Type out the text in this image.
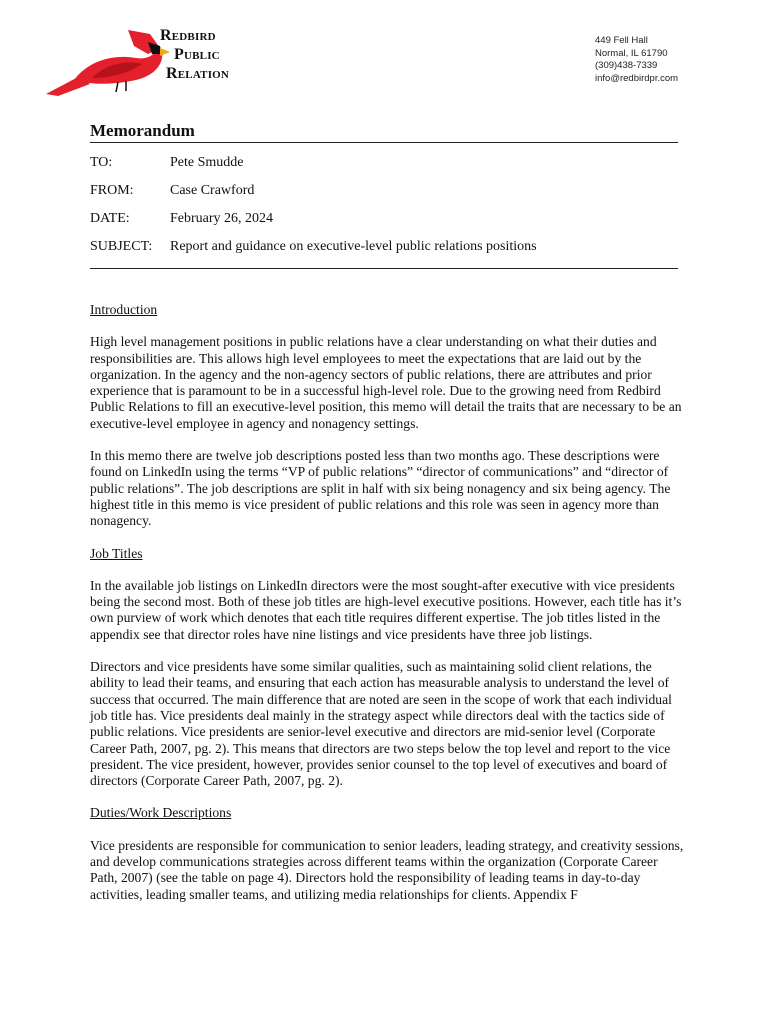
Redbird
Public
Relation
449 Fell Hall
Normal, IL 61790
(309)438-7339
info@redbirdpr.com
Memorandum
TO:	Pete Smudde
FROM:	Case Crawford
DATE:	February 26, 2024
SUBJECT: Report and guidance on executive-level public relations positions
Introduction

High level management positions in public relations have a clear understanding on what their duties and responsibilities are. This allows high level employees to meet the expectations that are laid out by the organization. In the agency and the non-agency sectors of public relations, there are attributes and prior experience that is paramount to be in a successful high-level role. Due to the growing need from Redbird Public Relations to fill an executive-level position, this memo will detail the traits that are necessary to be an executive-level employee in agency and nonagency settings.

In this memo there are twelve job descriptions posted less than two months ago. These descriptions were found on LinkedIn using the terms “VP of public relations” “director of communications” and “director of public relations”. The job descriptions are split in half with six being nonagency and six being agency. The highest title in this memo is vice president of public relations and this role was seen in agency more than nonagency.

Job Titles

In the available job listings on LinkedIn directors were the most sought-after executive with vice presidents being the second most. Both of these job titles are high-level executive positions. However, each title has it’s own purview of work which denotes that each title requires different expertise. The job titles listed in the appendix see that director roles have nine listings and vice presidents have three job listings.

Directors and vice presidents have some similar qualities, such as maintaining solid client relations, the ability to lead their teams, and ensuring that each action has measurable analysis to understand the level of success that occurred. The main difference that are noted are seen in the scope of work that each individual job title has. Vice presidents deal mainly in the strategy aspect while directors deal with the tactics side of public relations. Vice presidents are senior-level executive and directors are mid-senior level (Corporate Career Path, 2007, pg. 2). This means that directors are two steps below the top level and report to the vice president. The vice president, however, provides senior counsel to the top level of executives and board of directors (Corporate Career Path, 2007, pg. 2).

Duties/Work Descriptions

Vice presidents are responsible for communication to senior leaders, leading strategy, and creativity sessions, and develop communications strategies across different teams within the organization (Corporate Career Path, 2007) (see the table on page 4). Directors hold the responsibility of leading teams in day-to-day activities, leading smaller teams, and utilizing media relationships for clients. Appendix F
